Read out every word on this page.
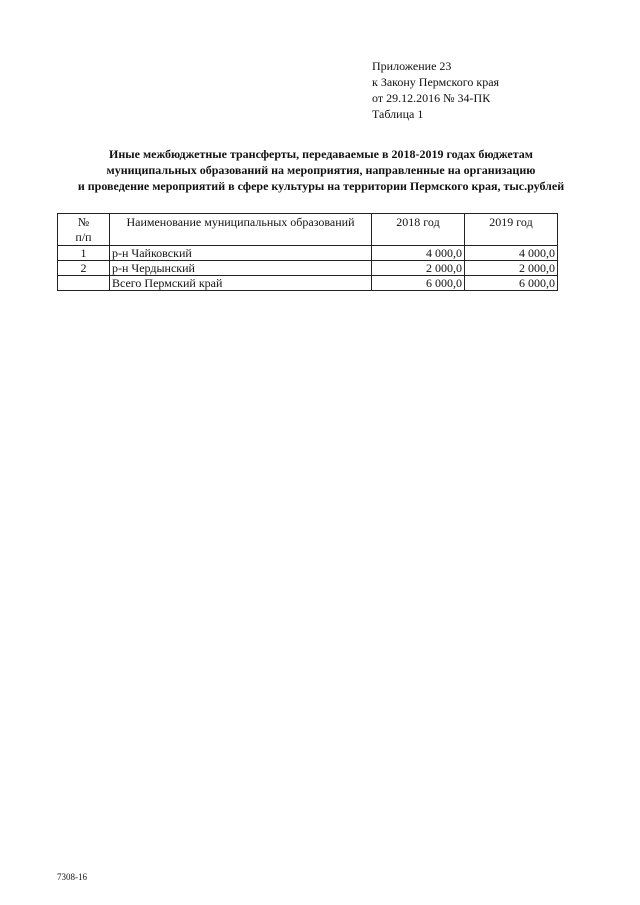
Приложение 23
к Закону Пермского края
от 29.12.2016 № 34-ПК
Таблица 1
Иные межбюджетные трансферты, передаваемые в 2018-2019 годах бюджетам
муниципальных образований на мероприятия, направленные на организацию
и проведение мероприятий в сфере культуры на территории Пермского края, тыс.рублей
№
п/п	Наименование муниципальных образований	2018 год	2019 год
1	р-н Чайковский	4 000,0	4 000,0
2	р-н Чердынский	2 000,0	2 000,0
	Всего Пермский край	6 000,0	6 000,0
7308-16
